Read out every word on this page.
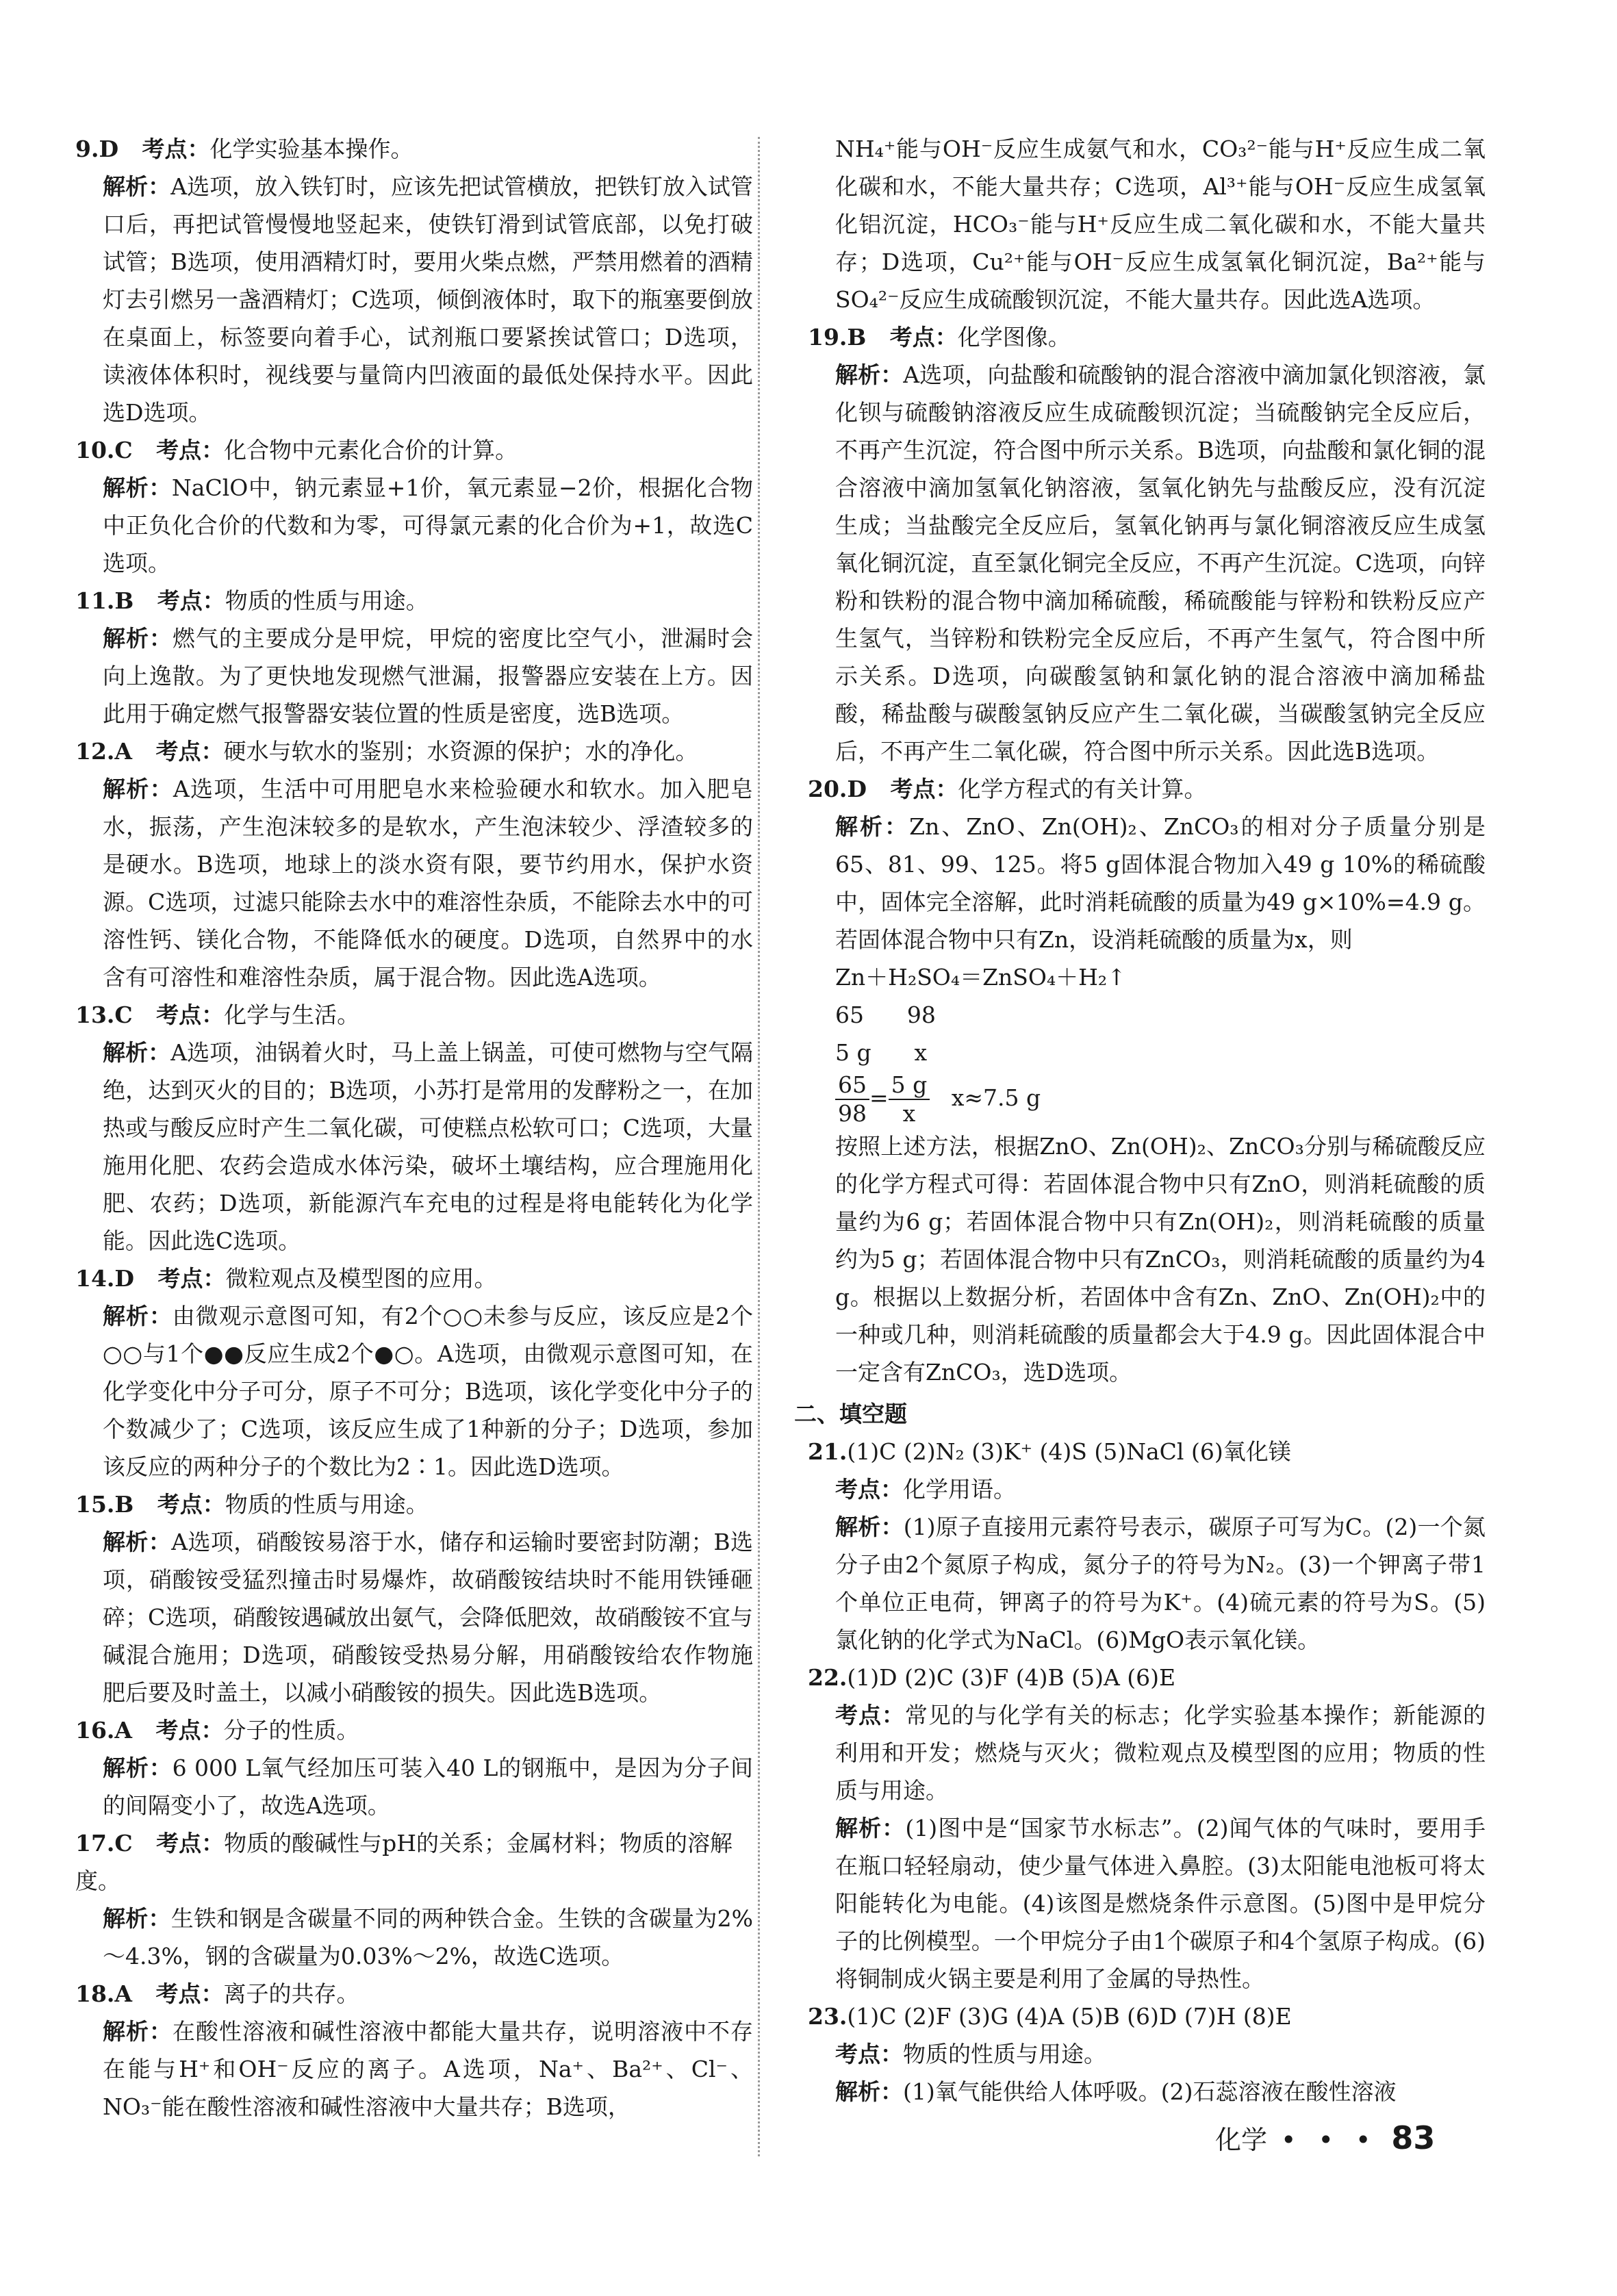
9.D 考点：化学实验基本操作。

解析：A选项，放入铁钉时，应该先把试管横放，把铁钉放入试管口后，再把试管慢慢地竖起来，使铁钉滑到试管底部，以免打破试管；B选项，使用酒精灯时，要用火柴点燃，严禁用燃着的酒精灯去引燃另一盏酒精灯；C选项，倾倒液体时，取下的瓶塞要倒放在桌面上，标签要向着手心，试剂瓶口要紧挨试管口；D选项，读液体体积时，视线要与量筒内凹液面的最低处保持水平。因此选D选项。

10.C 考点：化合物中元素化合价的计算。

解析：NaClO中，钠元素显+1价，氧元素显−2价，根据化合物中正负化合价的代数和为零，可得氯元素的化合价为+1，故选C选项。

11.B 考点：物质的性质与用途。

解析：燃气的主要成分是甲烷，甲烷的密度比空气小，泄漏时会向上逸散。为了更快地发现燃气泄漏，报警器应安装在上方。因此用于确定燃气报警器安装位置的性质是密度，选B选项。

12.A 考点：硬水与软水的鉴别；水资源的保护；水的净化。

解析：A选项，生活中可用肥皂水来检验硬水和软水。加入肥皂水，振荡，产生泡沫较多的是软水，产生泡沫较少、浮渣较多的是硬水。B选项，地球上的淡水资有限，要节约用水，保护水资源。C选项，过滤只能除去水中的难溶性杂质，不能除去水中的可溶性钙、镁化合物，不能降低水的硬度。D选项，自然界中的水含有可溶性和难溶性杂质，属于混合物。因此选A选项。

13.C 考点：化学与生活。

解析：A选项，油锅着火时，马上盖上锅盖，可使可燃物与空气隔绝，达到灭火的目的；B选项，小苏打是常用的发酵粉之一，在加热或与酸反应时产生二氧化碳，可使糕点松软可口；C选项，大量施用化肥、农药会造成水体污染，破坏土壤结构，应合理施用化肥、农药；D选项，新能源汽车充电的过程是将电能转化为化学能。因此选C选项。

14.D 考点：微粒观点及模型图的应用。

解析：由微观示意图可知，有2个○○未参与反应，该反应是2个○○与1个●●反应生成2个●○。A选项，由微观示意图可知，在化学变化中分子可分，原子不可分；B选项，该化学变化中分子的个数减少了；C选项，该反应生成了1种新的分子；D选项，参加该反应的两种分子的个数比为2∶1。因此选D选项。

15.B 考点：物质的性质与用途。

解析：A选项，硝酸铵易溶于水，储存和运输时要密封防潮；B选项，硝酸铵受猛烈撞击时易爆炸，故硝酸铵结块时不能用铁锤砸碎；C选项，硝酸铵遇碱放出氨气，会降低肥效，故硝酸铵不宜与碱混合施用；D选项，硝酸铵受热易分解，用硝酸铵给农作物施肥后要及时盖土，以减小硝酸铵的损失。因此选B选项。

16.A 考点：分子的性质。

解析：6 000 L氧气经加压可装入40 L的钢瓶中，是因为分子间的间隔变小了，故选A选项。

17.C 考点：物质的酸碱性与pH的关系；金属材料；物质的溶解度。

解析：生铁和钢是含碳量不同的两种铁合金。生铁的含碳量为2%～4.3%，钢的含碳量为0.03%～2%，故选C选项。

18.A 考点：离子的共存。

解析：在酸性溶液和碱性溶液中都能大量共存，说明溶液中不存在能与H⁺和OH⁻反应的离子。A选项，Na⁺、Ba²⁺、Cl⁻、NO₃⁻能在酸性溶液和碱性溶液中大量共存；B选项，

NH₄⁺能与OH⁻反应生成氨气和水，CO₃²⁻能与H⁺反应生成二氧化碳和水，不能大量共存；C选项，Al³⁺能与OH⁻反应生成氢氧化铝沉淀，HCO₃⁻能与H⁺反应生成二氧化碳和水，不能大量共存；D选项，Cu²⁺能与OH⁻反应生成氢氧化铜沉淀，Ba²⁺能与SO₄²⁻反应生成硫酸钡沉淀，不能大量共存。因此选A选项。

19.B 考点：化学图像。

解析：A选项，向盐酸和硫酸钠的混合溶液中滴加氯化钡溶液，氯化钡与硫酸钠溶液反应生成硫酸钡沉淀；当硫酸钠完全反应后，不再产生沉淀，符合图中所示关系。B选项，向盐酸和氯化铜的混合溶液中滴加氢氧化钠溶液，氢氧化钠先与盐酸反应，没有沉淀生成；当盐酸完全反应后，氢氧化钠再与氯化铜溶液反应生成氢氧化铜沉淀，直至氯化铜完全反应，不再产生沉淀。C选项，向锌粉和铁粉的混合物中滴加稀硫酸，稀硫酸能与锌粉和铁粉反应产生氢气，当锌粉和铁粉完全反应后，不再产生氢气，符合图中所示关系。D选项，向碳酸氢钠和氯化钠的混合溶液中滴加稀盐酸，稀盐酸与碳酸氢钠反应产生二氧化碳，当碳酸氢钠完全反应后，不再产生二氧化碳，符合图中所示关系。因此选B选项。

20.D 考点：化学方程式的有关计算。

解析：Zn、ZnO、Zn(OH)₂、ZnCO₃的相对分子质量分别是65、81、99、125。将5 g固体混合物加入49 g 10%的稀硫酸中，固体完全溶解，此时消耗硫酸的质量为49 g×10%=4.9 g。若固体混合物中只有Zn，设消耗硫酸的质量为x，则

Zn＋H₂SO₄＝ZnSO₄＋H₂↑
65      98
5 g      x
$\frac{65}{98} = \frac{5 g}{x} x\approx 7.5$ g

按照上述方法，根据ZnO、Zn(OH)₂、ZnCO₃分别与稀硫酸反应的化学方程式可得：若固体混合物中只有ZnO，则消耗硫酸的质量约为6 g；若固体混合物中只有Zn(OH)₂，则消耗硫酸的质量约为5 g；若固体混合物中只有ZnCO₃，则消耗硫酸的质量约为4 g。根据以上数据分析，若固体中含有Zn、ZnO、Zn(OH)₂中的一种或几种，则消耗硫酸的质量都会大于4.9 g。因此固体混合中一定含有ZnCO₃，选D选项。

二、填空题
21.(1)C (2)N₂ (3)K⁺ (4)S (5)NaCl (6)氧化镁

考点：化学用语。

解析：(1)原子直接用元素符号表示，碳原子可写为C。(2)一个氮分子由2个氮原子构成，氮分子的符号为N₂。(3)一个钾离子带1个单位正电荷，钾离子的符号为K⁺。(4)硫元素的符号为S。(5)氯化钠的化学式为NaCl。(6)MgO表示氧化镁。

22.(1)D (2)C (3)F (4)B (5)A (6)E

考点：常见的与化学有关的标志；化学实验基本操作；新能源的利用和开发；燃烧与灭火；微粒观点及模型图的应用；物质的性质与用途。

解析：(1)图中是“国家节水标志”。(2)闻气体的气味时，要用手在瓶口轻轻扇动，使少量气体进入鼻腔。(3)太阳能电池板可将太阳能转化为电能。(4)该图是燃烧条件示意图。(5)图中是甲烷分子的比例模型。一个甲烷分子由1个碳原子和4个氢原子构成。(6)将铜制成火锅主要是利用了金属的导热性。

23.(1)C (2)F (3)G (4)A (5)B (6)D (7)H (8)E

考点：物质的性质与用途。

解析：(1)氧气能供给人体呼吸。(2)石蕊溶液在酸性溶液

化学 • • • 83
